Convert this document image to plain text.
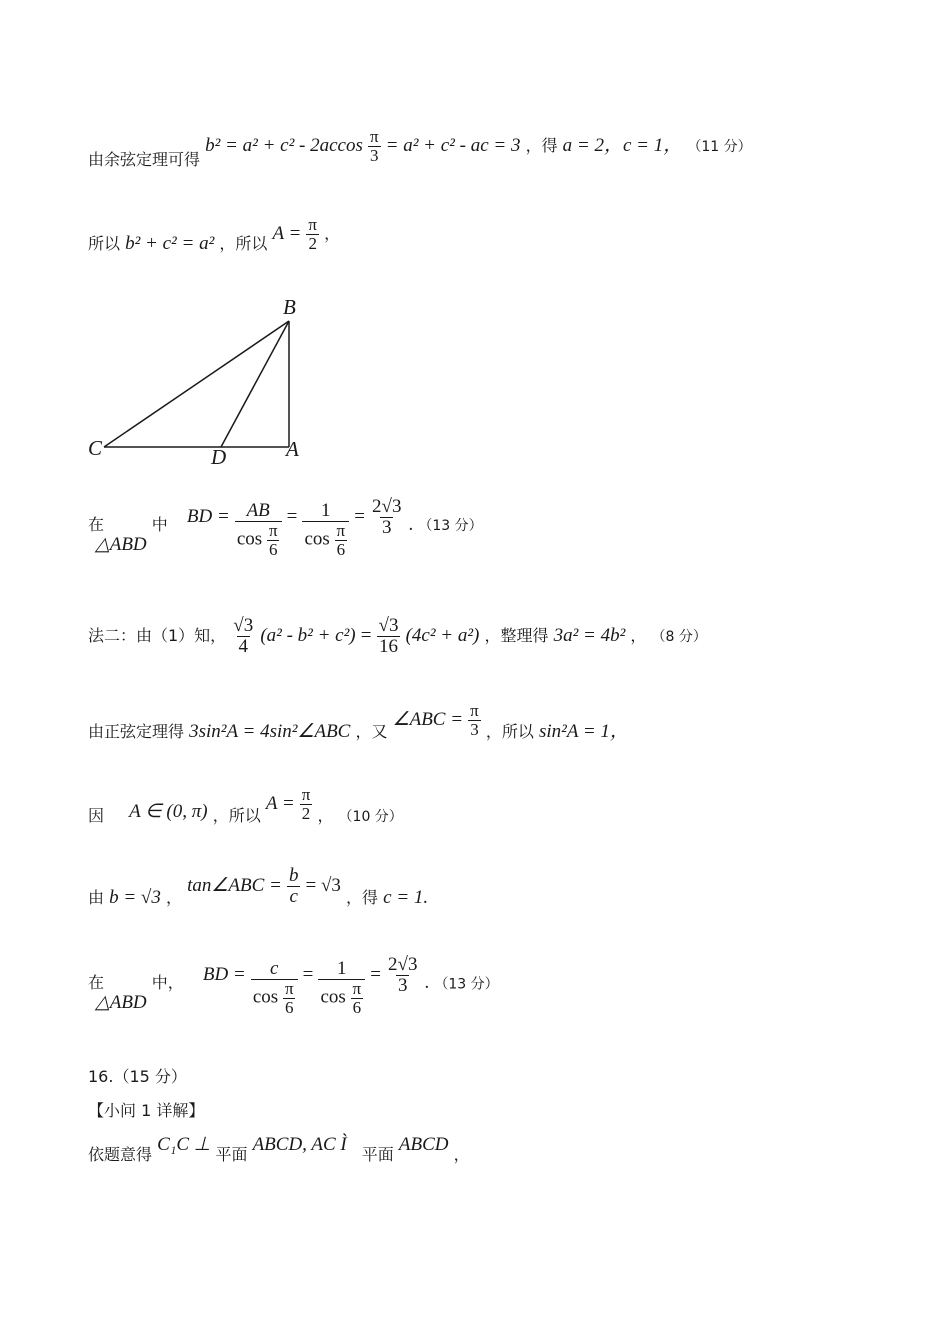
由余弦定理可得 $b^2 = a^2 + c^2 - 2accos \frac{\pi}{3} = a^2 + c^2$ - ac = 3 ，得 a = 2，c = 1， （11 分）
所以 b² + c² = a² ，所以 $A = \frac{\pi}{2}$ ，
B
C	D	A
在 △ABD 中 BD = $\frac{AB}{\cos \frac{\pi}{6}} = \frac{1}{\cos \frac{\pi}{6}} = \frac{2√3}{3}$ . （13 分）
法二：由（1）知， $\frac{√3}{4} (a^2 - b^2 + c^2) = \frac{√3}{16} (4c^2 + a^2)$ ，整理得 3a² = 4b² ， （8 分）
由正弦定理得 3sin²A = 4sin²∠ABC ，又 ∠ABC = $\frac{\pi}{3}$ ，所以 sin²A = 1，
因 A ∈ (0, π) ，所以 $A = \frac{\pi}{2}$ ， （10 分）
由 b = √3 ， tan∠ABC = $\frac{b}{c} = √3$ ，得 c = 1.
在 △ABD 中， BD = $\frac{c}{\cos \frac{\pi}{6}} = \frac{1}{\cos \frac{\pi}{6}} = \frac{2√3}{3}$ . （13 分）
16.（15 分）
【小问 1 详解】
依题意得 C₁C ⊥ 平面 ABCD, AC Ì 平面 ABCD ，
